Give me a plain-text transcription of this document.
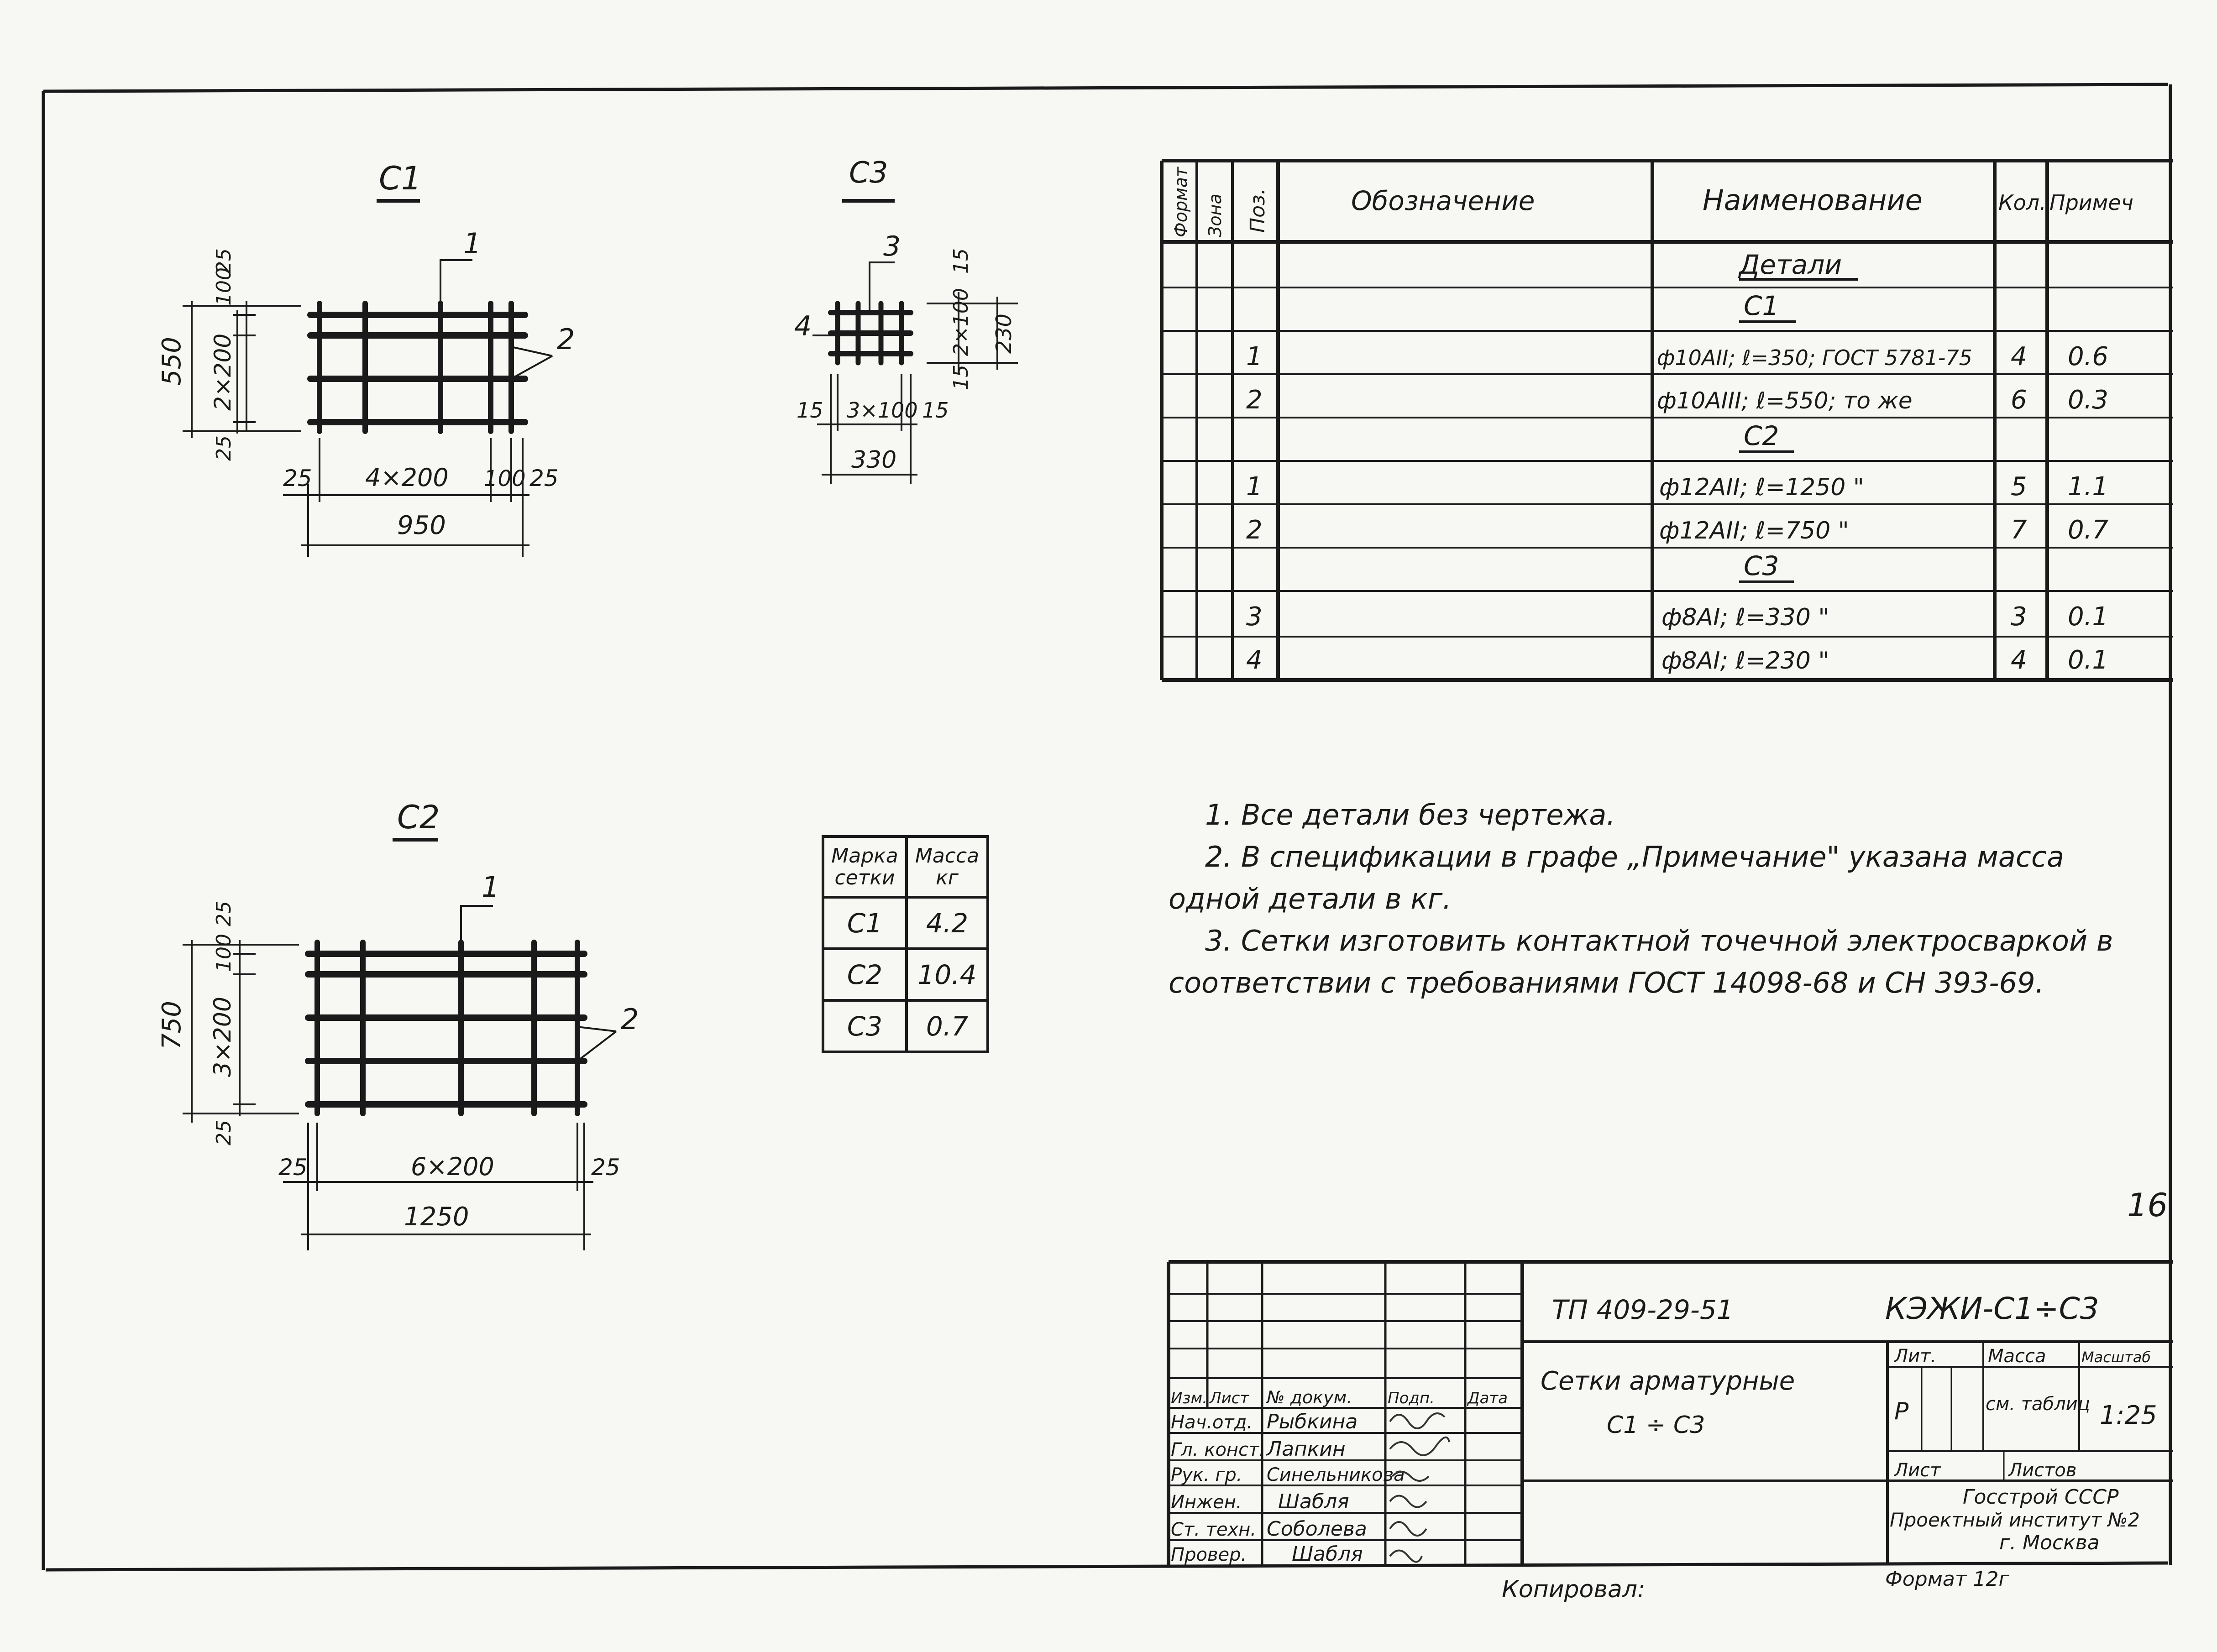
С1
1
2
550 2×200
100
25
25
25 4×200 100 25
950
С3
3
4
15
2×100
15
230
15 3×100 15
330
С2
1
2
750
100
3×200
25
25
25	6×200	25
1250	16
Формат Зона Поз.	Обозначение	Наименование	Кол. Примеч
Детали
С1
1	ф10АII; ℓ=350; ГОСТ 5781-75 4 0.6
2	ф10АIII; ℓ=550; то же	6 0.3
С2
1	ф12АII; ℓ=1250 "	5 1.1
2	ф12АII; ℓ=750 "	7 0.7
С3
3	ф8АI; ℓ=330 "	3 0.1
4	ф8АI; ℓ=230 "	4 0.1
ТП 409-29-51	КЭЖИ-С1÷С3
Сетки арматурные
С1 ÷ С3
Изм. Лист № докум. Подп. Дата
Нач.отд. Рыбкина
Гл. конст. Лапкин
Рук. гр. Синельникова
Инжен. Шабля
Ст. техн. Соболева
Провер. Шабля
Лит.	Масса Масштаб
Р	см. таблиц 1:25
Лист	Листов
Госстрой СССР
Проектный институт №2
г. Москва
Копировал:	Формат 12г

1. Все детали без чертежа.

2. В спецификации в графе „Примечание" указана масса одной детали в кг.

3. Сетки изготовить контактной точечной электросваркой в соответствии с требованиями ГОСТ 14098-68 и СН 393-69.

Марка сетки	Масса кг
С1	4.2
С2	10.4
С3	0.7
